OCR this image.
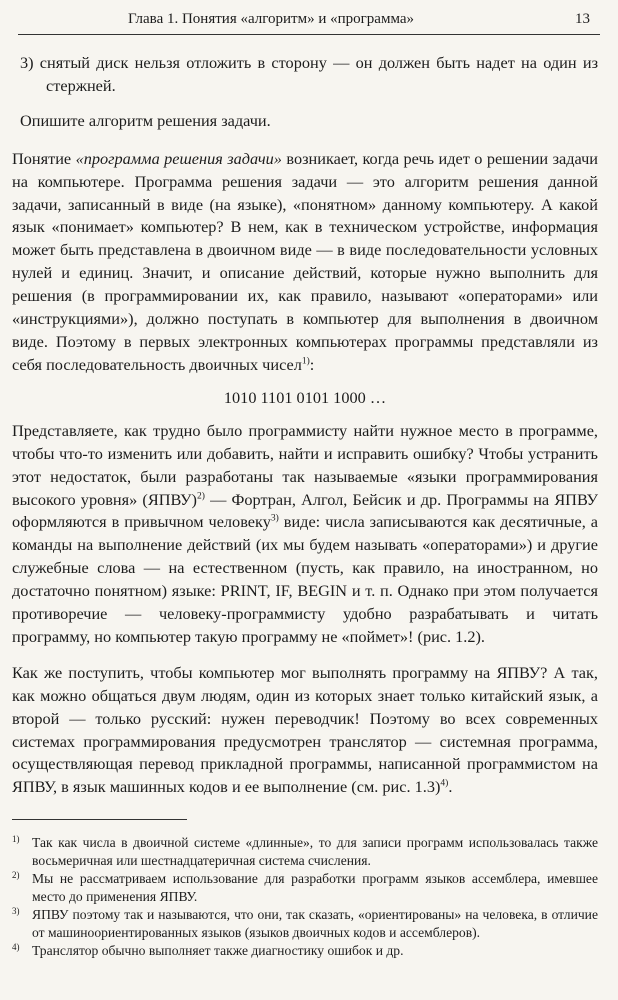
Глава 1. Понятия «алгоритм» и «программа»	13

3) снятый диск нельзя отложить в сторону — он должен быть надет на один из стержней.

Опишите алгоритм решения задачи.

Понятие «программа решения задачи» возникает, когда речь идет о решении задачи на компьютере. Программа решения задачи — это алгоритм решения данной задачи, записанный в виде (на языке), «понятном» данному компьютеру. А какой язык «понимает» компьютер? В нем, как в техническом устройстве, информация может быть представлена в двоичном виде — в виде последовательности условных нулей и единиц. Значит, и описание действий, которые нужно выполнить для решения (в программировании их, как правило, называют «операторами» или «инструкциями»), должно поступать в компьютер для выполнения в двоичном виде. Поэтому в первых электронных компьютерах программы представляли из себя последовательность двоичных чисел$^{1)}$:

1010 1101 0101 1000 …

Представляете, как трудно было программисту найти нужное место в программе, чтобы что-то изменить или добавить, найти и исправить ошибку? Чтобы устранить этот недостаток, были разработаны так называемые «языки программирования высокого уровня» (ЯПВУ)$^{2)}$ — Фортран, Алгол, Бейсик и др. Программы на ЯПВУ оформляются в привычном человеку$^{3)}$ виде: числа записываются как десятичные, а команды на выполнение действий (их мы будем называть «операторами») и другие служебные слова — на естественном (пусть, как правило, на иностранном, но достаточно понятном) языке: PRINT, IF, BEGIN и т. п. Однако при этом получается противоречие — человеку-программисту удобно разрабатывать и читать программу, но компьютер такую программу не «поймет»! (рис. 1.2).

Как же поступить, чтобы компьютер мог выполнять программу на ЯПВУ? А так, как можно общаться двум людям, один из которых знает только китайский язык, а второй — только русский: нужен переводчик! Поэтому во всех современных системах программирования предусмотрен транслятор — системная программа, осуществляющая перевод прикладной программы, написанной программистом на ЯПВУ, в язык машинных кодов и ее выполнение (см. рис. 1.3)$^{4)}$.

1) Так как числа в двоичной системе «длинные», то для записи программ использовалась также восьмеричная или шестнадцатеричная система счисления.
2) Мы не рассматриваем использование для разработки программ языков ассемблера, имевшее место до применения ЯПВУ.
3) ЯПВУ поэтому так и называются, что они, так сказать, «ориентированы» на человека, в отличие от машиноориентированных языков (языков двоичных кодов и ассемблеров).
4) Транслятор обычно выполняет также диагностику ошибок и др.
